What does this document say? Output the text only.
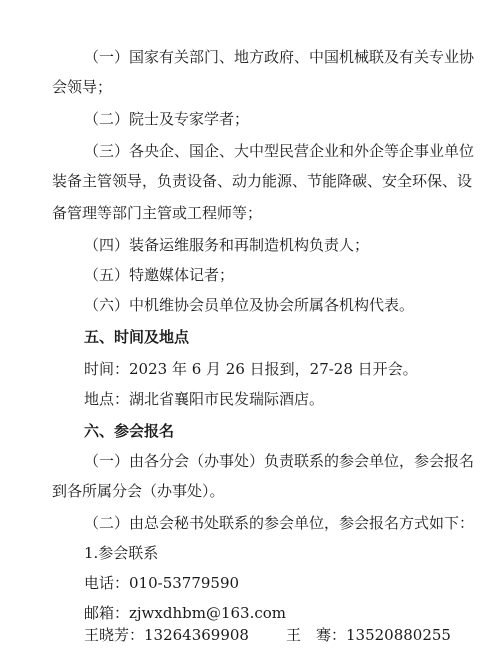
（一）国家有关部门、地方政府、中国机械联及有关专业协
会领导；
（二）院士及专家学者；
（三）各央企、国企、大中型民营企业和外企等企事业单位
装备主管领导，负责设备、动力能源、节能降碳、安全环保、设
备管理等部门主管或工程师等；
（四）装备运维服务和再制造机构负责人；
（五）特邀媒体记者；
（六）中机维协会员单位及协会所属各机构代表。
五、时间及地点
时间：2023 年 6 月 26 日报到，27-28 日开会。
地点：湖北省襄阳市民发瑞际酒店。
六、参会报名
（一）由各分会（办事处）负责联系的参会单位，参会报名
到各所属分会（办事处）。
（二）由总会秘书处联系的参会单位，参会报名方式如下：
1.参会联系
电话：010-53779590
邮箱：zjwxdhbm@163.com
王晓芳：13264369908 王　骞：13520880255
